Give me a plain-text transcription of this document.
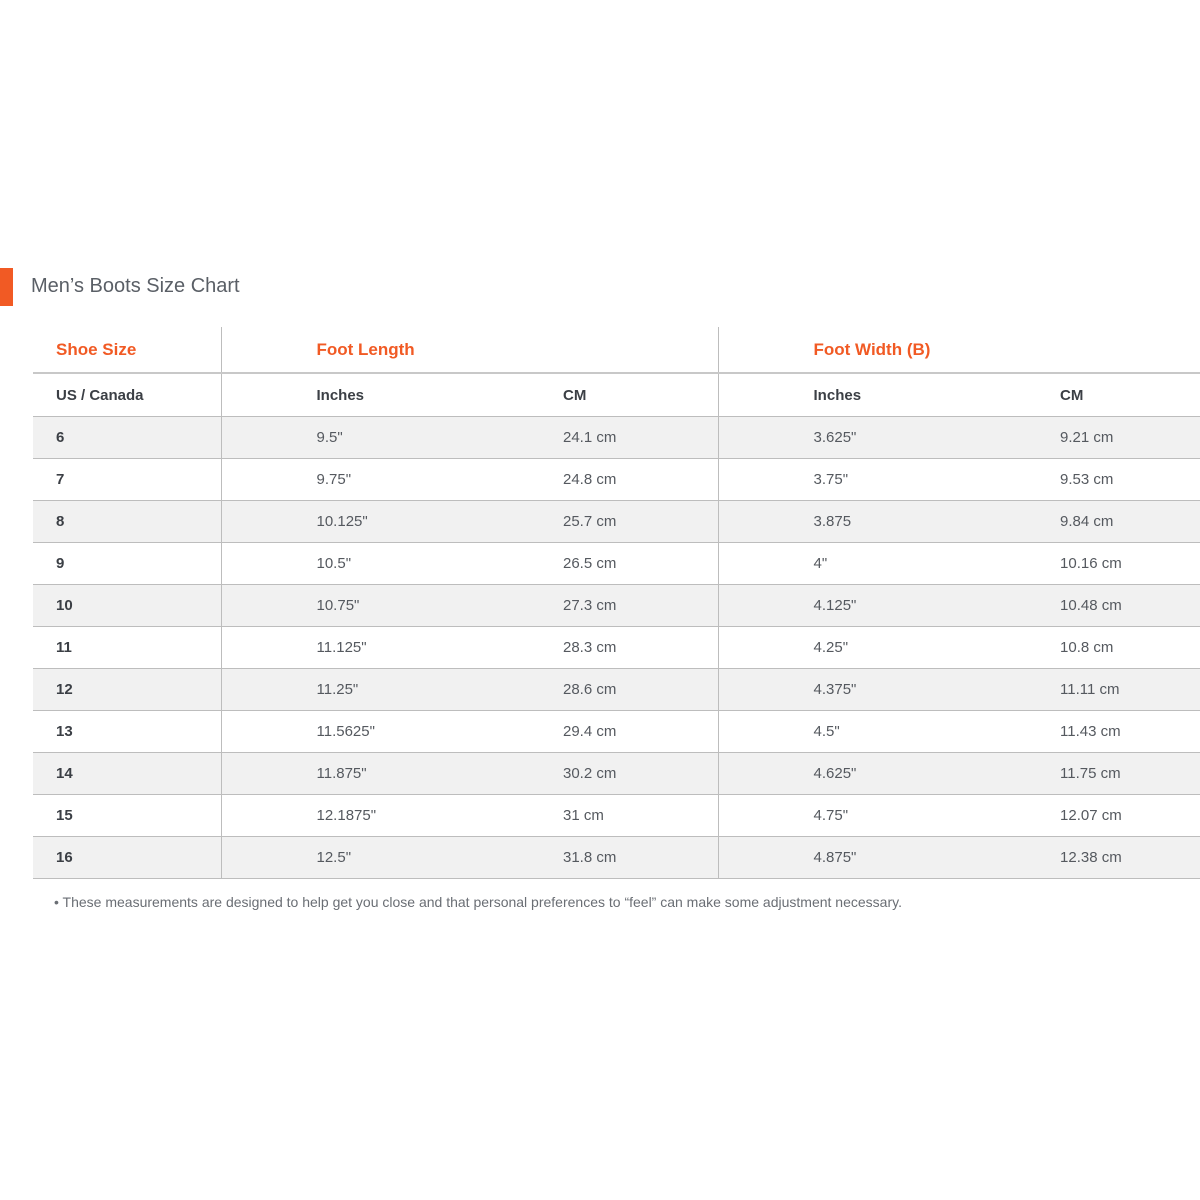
Men’s Boots Size Chart
Shoe Size	Foot Length		Foot Width (B)	
US / Canada	Inches	CM	Inches	CM
6	9.5"	24.1 cm	3.625"	9.21 cm
7	9.75"	24.8 cm	3.75"	9.53 cm
8	10.125"	25.7 cm	3.875	9.84 cm
9	10.5"	26.5 cm	4"	10.16 cm
10	10.75"	27.3 cm	4.125"	10.48 cm
11	11.125"	28.3 cm	4.25"	10.8 cm
12	11.25"	28.6 cm	4.375"	11.11 cm
13	11.5625"	29.4 cm	4.5"	11.43 cm
14	11.875"	30.2 cm	4.625"	11.75 cm
15	12.1875"	31 cm	4.75"	12.07 cm
16	12.5"	31.8 cm	4.875"	12.38 cm
• These measurements are designed to help get you close and that personal preferences to “feel” can make some adjustment necessary.
